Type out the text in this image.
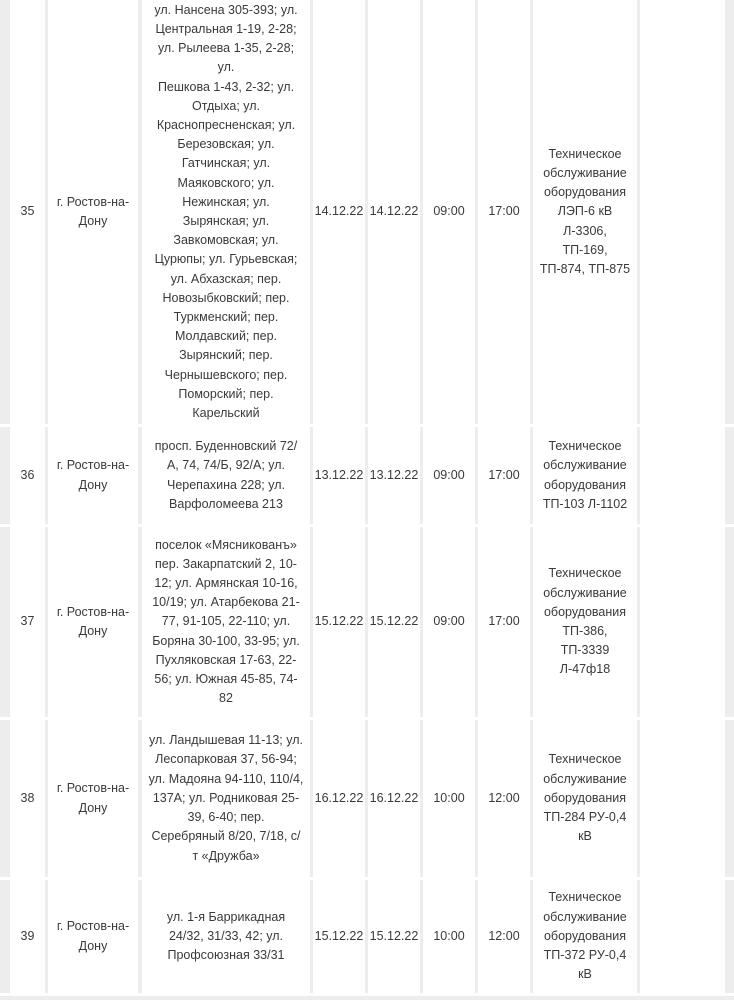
35
г. Ростов-на-
Дону
ул. Нансена 305-393; ул.
Центральная 1-19, 2-28;
ул. Рылеева 1-35, 2-28; ул.
Пешкова 1-43, 2-32; ул.
Отдыха; ул.
Краснопресненская; ул.
Березовская; ул.
Гатчинская; ул.
Маяковского; ул.
Нежинская; ул.
Зырянская; ул.
Завкомовская; ул.
Цурюпы; ул. Гурьевская;
ул. Абхазская; пер.
Новозыбковский; пер.
Туркменский; пер.
Молдавский; пер.
Зырянский; пер.
Чернышевского; пер.
Поморский; пер.
Карельский
14.12.22 14.12.22 09:00 17:00
Техническое
обслуживание
оборудования
ЛЭП-6 кВ
Л-3306, ТП-169,
ТП-874, ТП-875
36
г. Ростов-на-
Дону
просп. Буденновский 72/
А, 74, 74/Б, 92/А; ул.
Черепахина 228; ул.
Варфоломеева 213
13.12.22 13.12.22 09:00 17:00
Техническое
обслуживание
оборудования
ТП-103 Л-1102
37
г. Ростов-на-
Дону
поселок «Мясникованъ»
пер. Закарпатский 2, 10-
12; ул. Армянская 10-16,
10/19; ул. Атарбекова 21-
77, 91-105, 22-110; ул.
Боряна 30-100, 33-95; ул.
Пухляковская 17-63, 22-
56; ул. Южная 45-85, 74-
82
15.12.22 15.12.22 09:00 17:00
Техническое
обслуживание
оборудования
ТП-386,
ТП-3339
Л-47ф18
38
г. Ростов-на-
Дону
ул. Ландышевая 11-13; ул.
Лесопарковая 37, 56-94;
ул. Мадояна 94-110, 110/4,
137А; ул. Родниковая 25-
39, 6-40; пер.
Серебряный 8/20, 7/18, с/
т «Дружба»
16.12.22 16.12.22 10:00 12:00
Техническое
обслуживание
оборудования
ТП-284 РУ-0,4
кВ
39
г. Ростов-на-
Дону
ул. 1-я Баррикадная
24/32, 31/33, 42; ул.
Профсоюзная 33/31
15.12.22 15.12.22 10:00 12:00
Техническое
обслуживание
оборудования
ТП-372 РУ-0,4
кВ
